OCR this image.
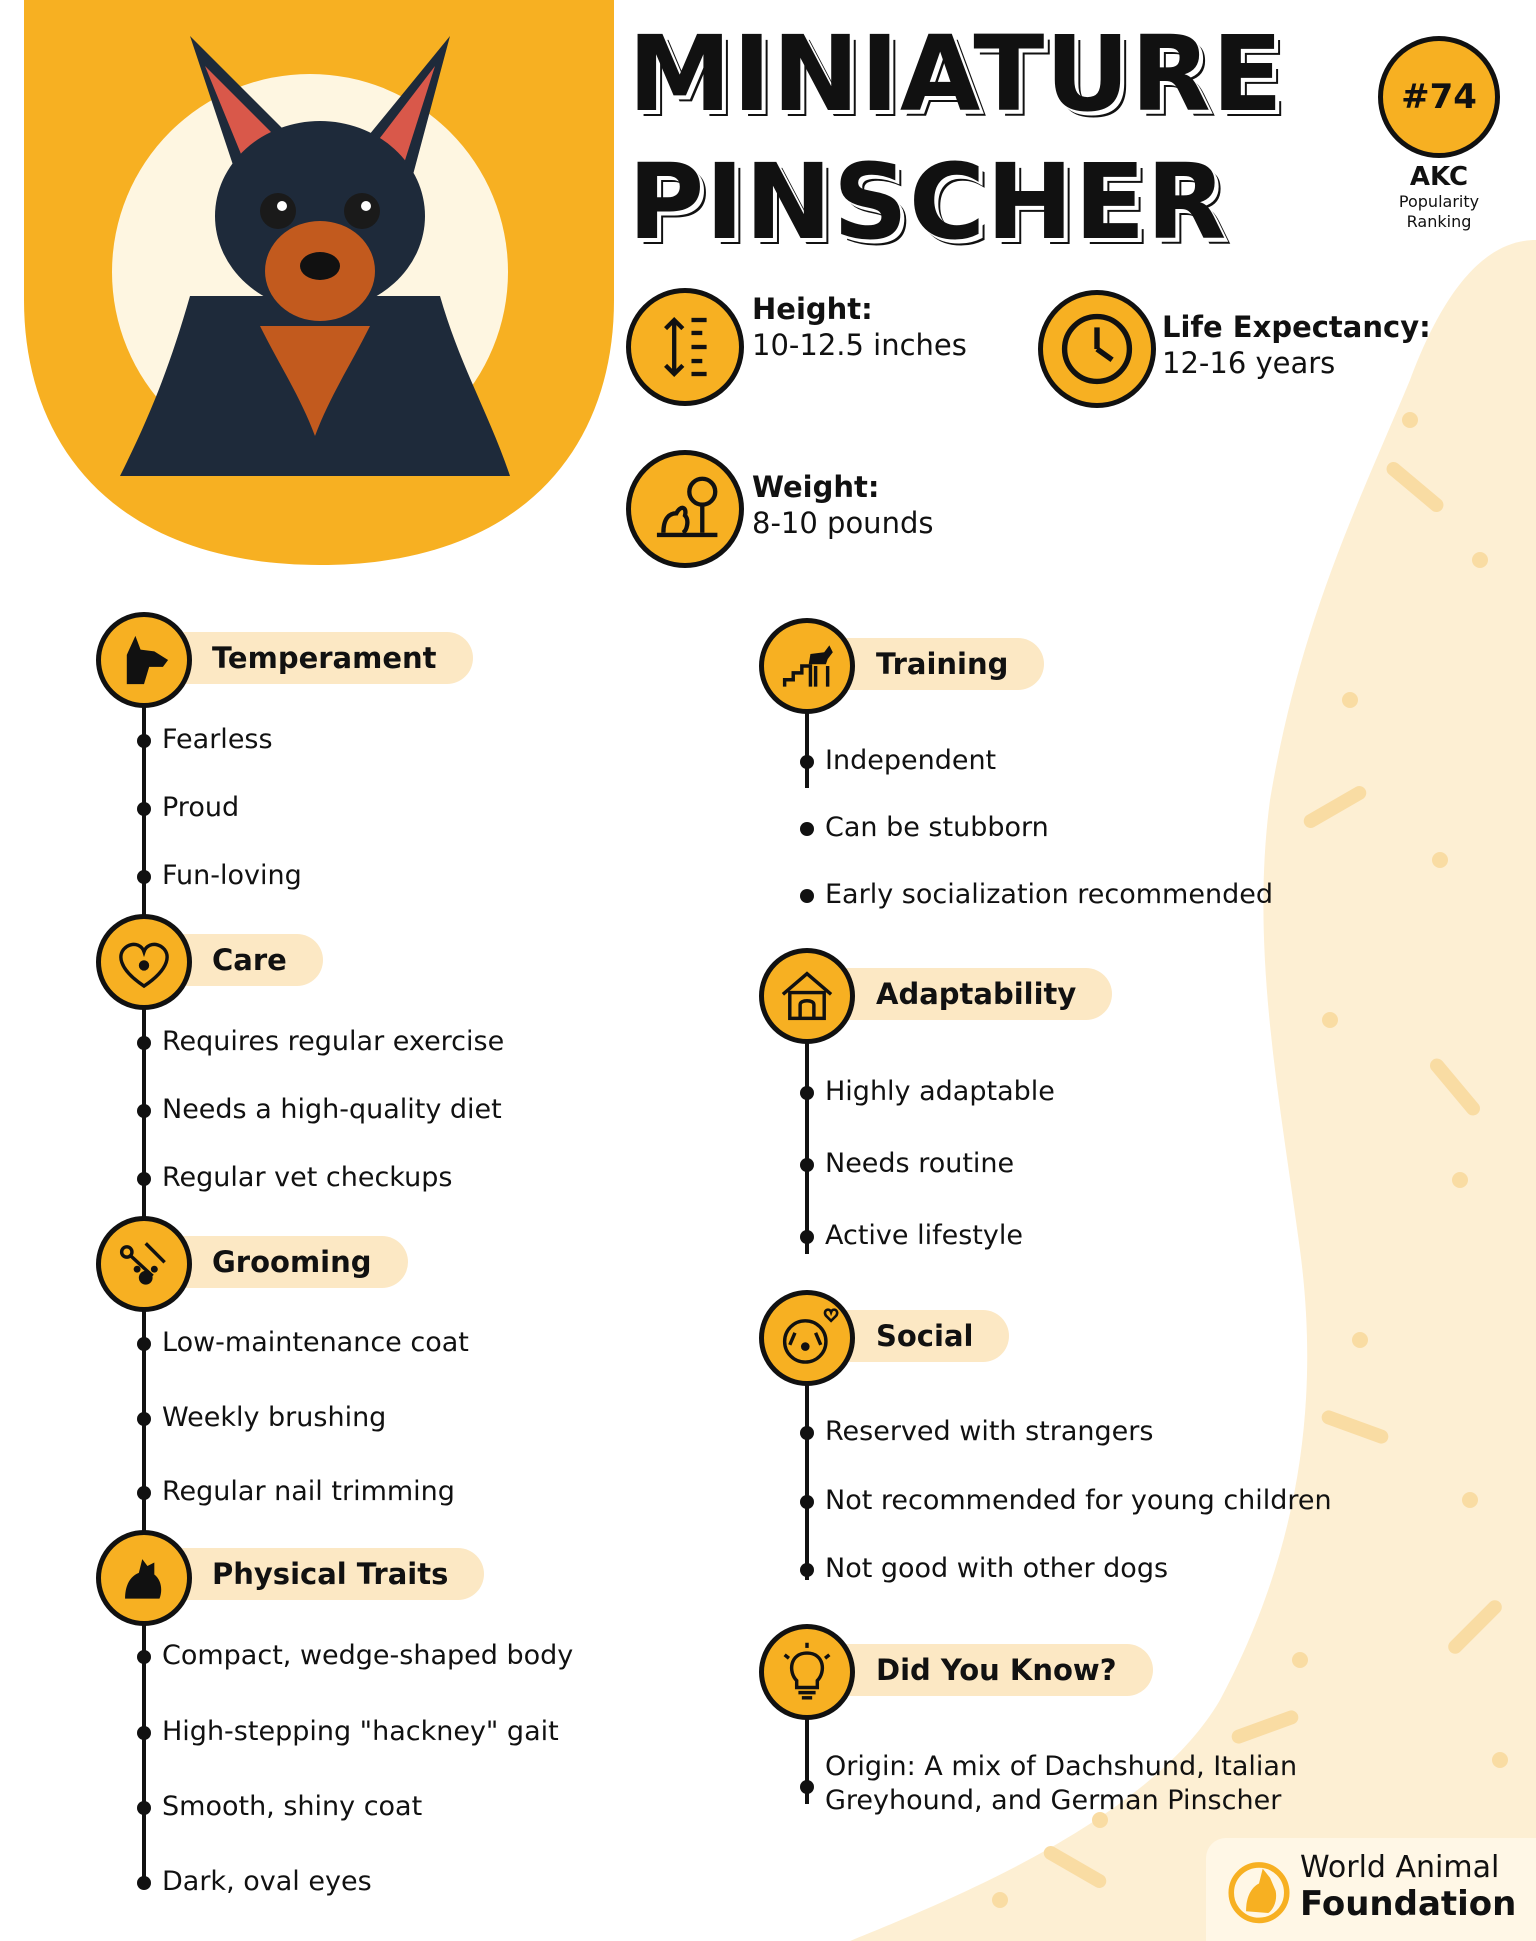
MINIATURE
PINSCHER
#74
AKC
Popularity
Ranking
Height:
10-12.5 inches
Life Expectancy:
12-16 years
Weight:
8-10 pounds
Temperament
Fearless
Proud
Fun-loving
Care
Requires regular exercise
Needs a high-quality diet
Regular vet checkups
Grooming
Low-maintenance coat
Weekly brushing
Regular nail trimming
Physical Traits
Compact, wedge-shaped body
High-stepping "hackney" gait
Smooth, shiny coat
Dark, oval eyes
Training
Independent
Can be stubborn
Early socialization recommended
Adaptability
Highly adaptable
Needs routine
Active lifestyle
Social
Reserved with strangers
Not recommended for young children
Not good with other dogs
Did You Know?
Origin: A mix of Dachshund, Italian
Greyhound, and German Pinscher
World Animal
Foundation
